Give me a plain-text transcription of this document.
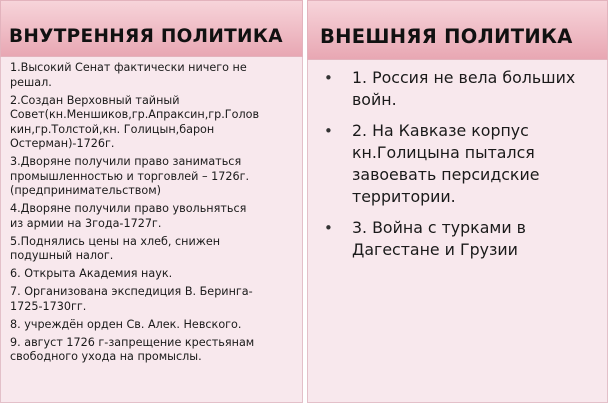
ВНУТРЕННЯЯ ПОЛИТИКА
1.Высокий Сенат фактически ничего не
решал.
2.Создан Верховный тайный
Совет(кн.Меншиков,гр.Апраксин,гр.Голов
кин,гр.Толстой,кн. Голицын,барон
Остерман)-1726г.
3.Дворяне получили право заниматься
промышленностью и торговлей – 1726г.
(предпринимательством)
4.Дворяне получили право увольняться
из армии на 3года-1727г.
5.Поднялись цены на хлеб, снижен
подушный налог.
6. Открыта Академия наук.
7. Организована экспедиция В. Беринга-
1725-1730гг.
8. учреждён орден Св. Алек. Невского.
9. август 1726 г-запрещение крестьянам
свободного ухода на промыслы.
ВНЕШНЯЯ ПОЛИТИКА
• 1. Россия не вела больших войн.
• 2. На Кавказе корпус кн.Голицына пытался завоевать персидские территории.
• 3. Война с турками в Дагестане и Грузии
